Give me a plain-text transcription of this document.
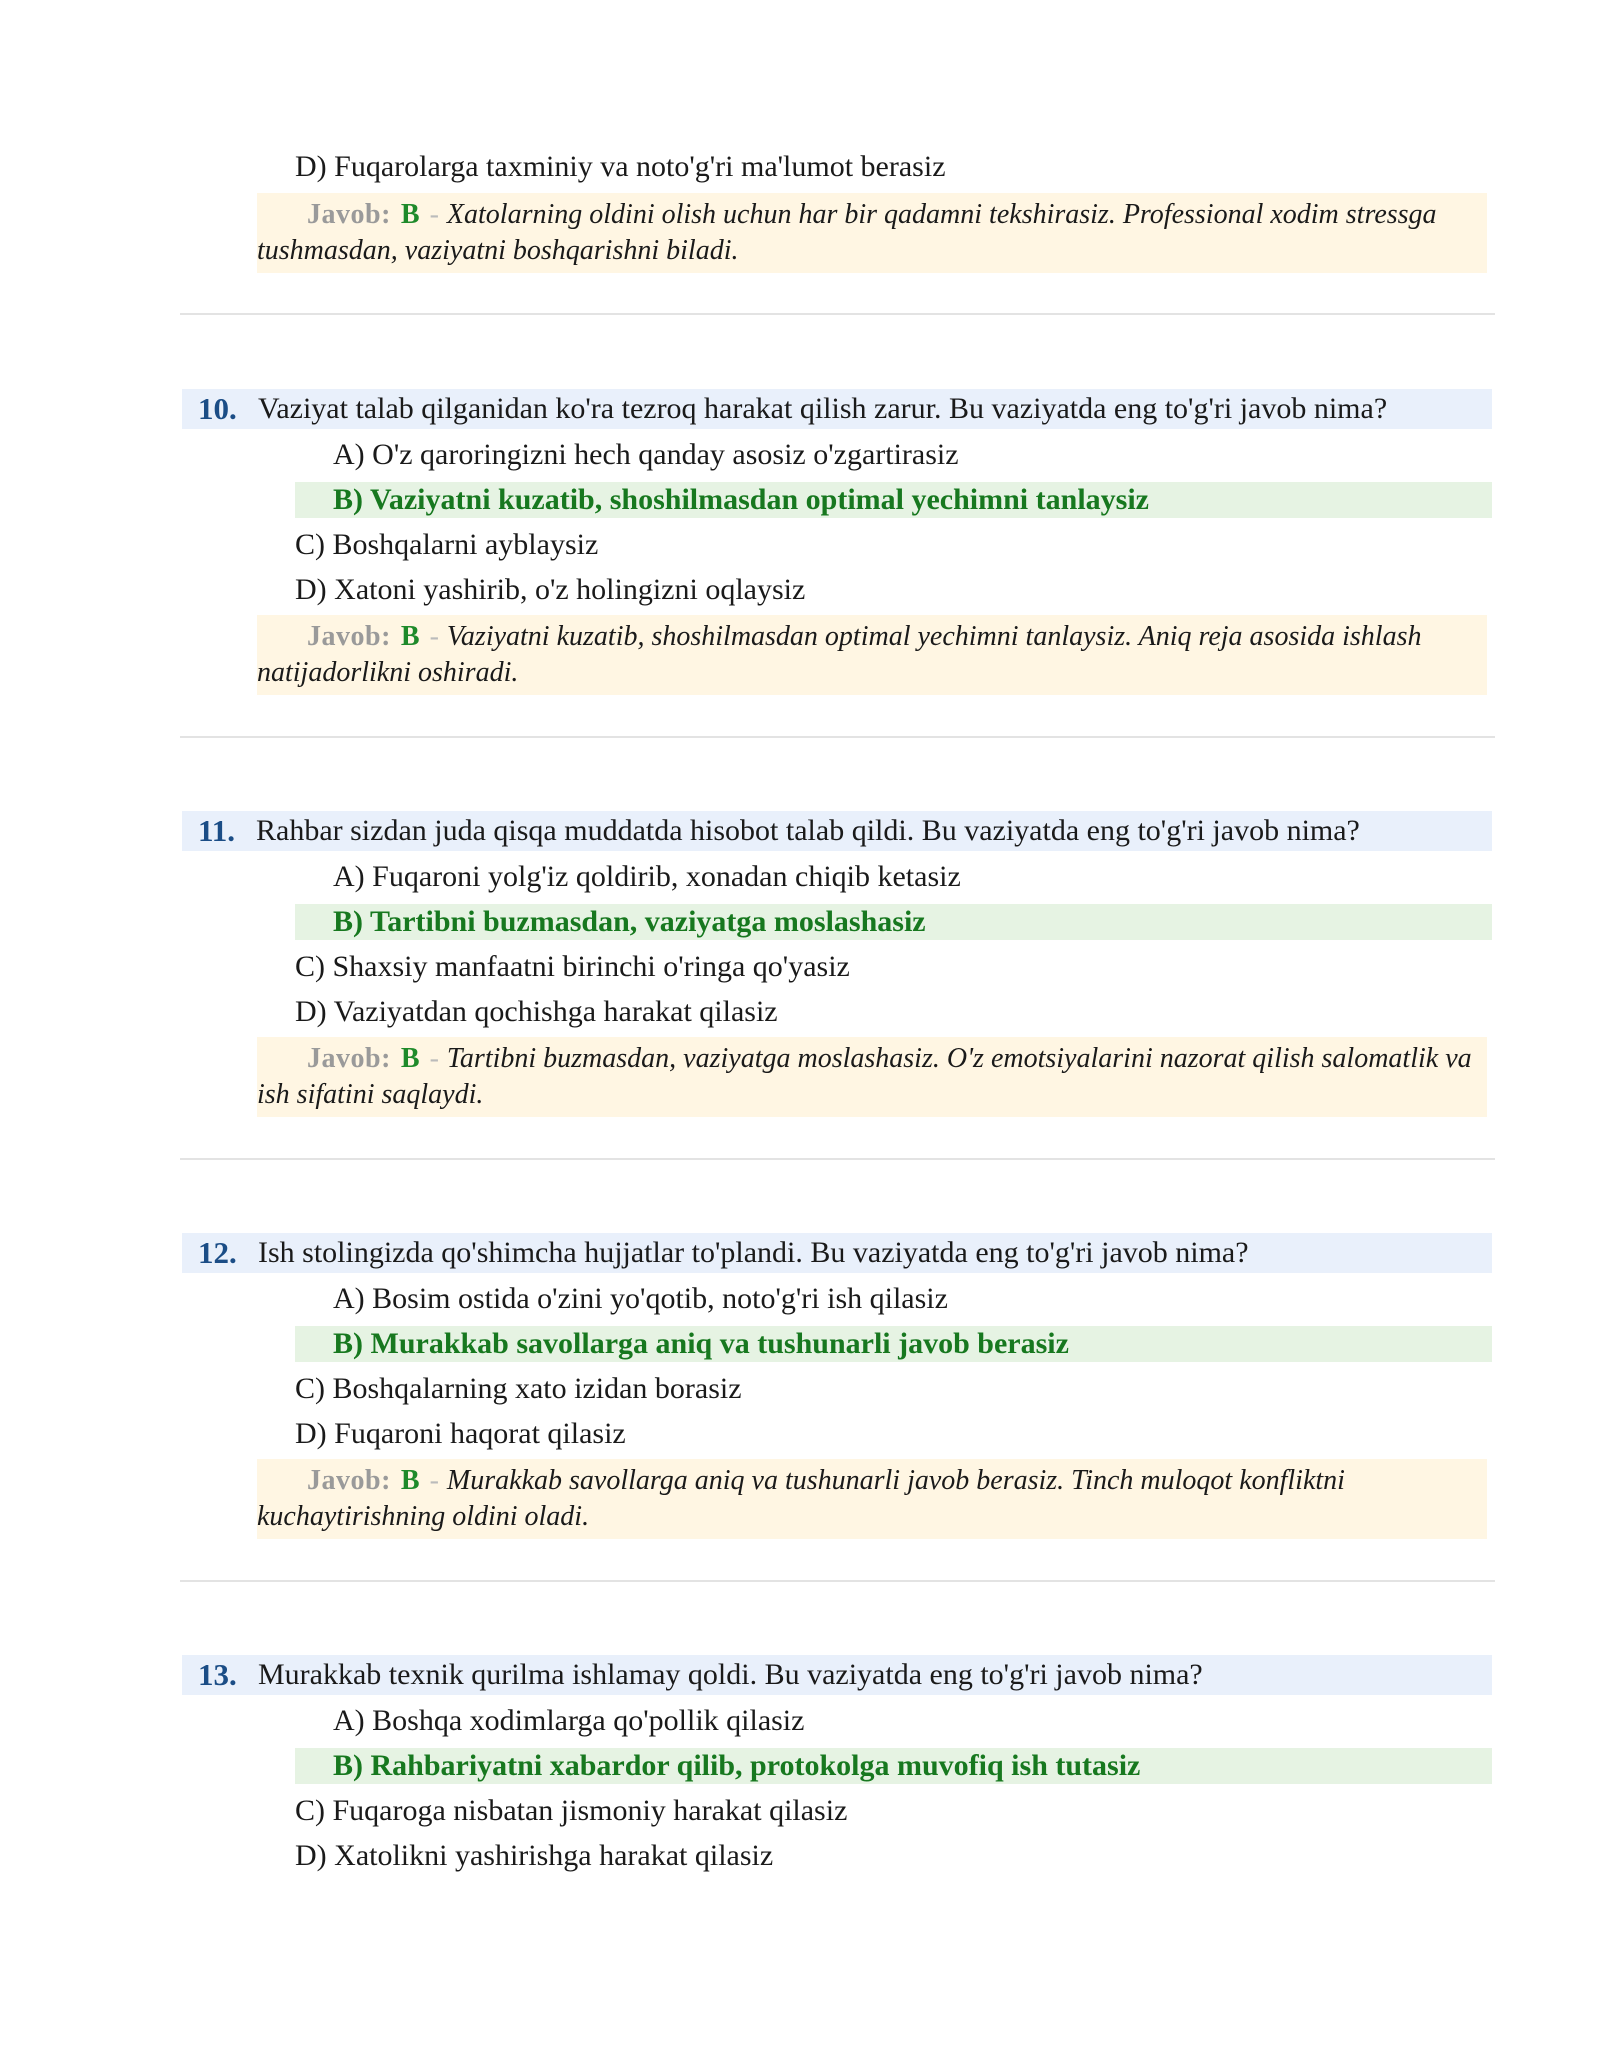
D) Fuqarolarga taxminiy va noto'g'ri ma'lumot berasiz
Javob: B - Xatolarning oldini olish uchun har bir qadamni tekshirasiz. Professional xodim stressga tushmasdan, vaziyatni boshqarishni biladi.
10. Vaziyat talab qilganidan ko'ra tezroq harakat qilish zarur. Bu vaziyatda eng to'g'ri javob nima?
A) O'z qaroringizni hech qanday asosiz o'zgartirasiz
B) Vaziyatni kuzatib, shoshilmasdan optimal yechimni tanlaysiz
C) Boshqalarni ayblaysiz
D) Xatoni yashirib, o'z holingizni oqlaysiz
Javob: B - Vaziyatni kuzatib, shoshilmasdan optimal yechimni tanlaysiz. Aniq reja asosida ishlash natijadorlikni oshiradi.
11. Rahbar sizdan juda qisqa muddatda hisobot talab qildi. Bu vaziyatda eng to'g'ri javob nima?
A) Fuqaroni yolg'iz qoldirib, xonadan chiqib ketasiz
B) Tartibni buzmasdan, vaziyatga moslashasiz
C) Shaxsiy manfaatni birinchi o'ringa qo'yasiz
D) Vaziyatdan qochishga harakat qilasiz
Javob: B - Tartibni buzmasdan, vaziyatga moslashasiz. O'z emotsiyalarini nazorat qilish salomatlik va ish sifatini saqlaydi.
12. Ish stolingizda qo'shimcha hujjatlar to'plandi. Bu vaziyatda eng to'g'ri javob nima?
A) Bosim ostida o'zini yo'qotib, noto'g'ri ish qilasiz
B) Murakkab savollarga aniq va tushunarli javob berasiz
C) Boshqalarning xato izidan borasiz
D) Fuqaroni haqorat qilasiz
Javob: B - Murakkab savollarga aniq va tushunarli javob berasiz. Tinch muloqot konfliktni kuchaytirishning oldini oladi.
13. Murakkab texnik qurilma ishlamay qoldi. Bu vaziyatda eng to'g'ri javob nima?
A) Boshqa xodimlarga qo'pollik qilasiz
B) Rahbariyatni xabardor qilib, protokolga muvofiq ish tutasiz
C) Fuqaroga nisbatan jismoniy harakat qilasiz
D) Xatolikni yashirishga harakat qilasiz
